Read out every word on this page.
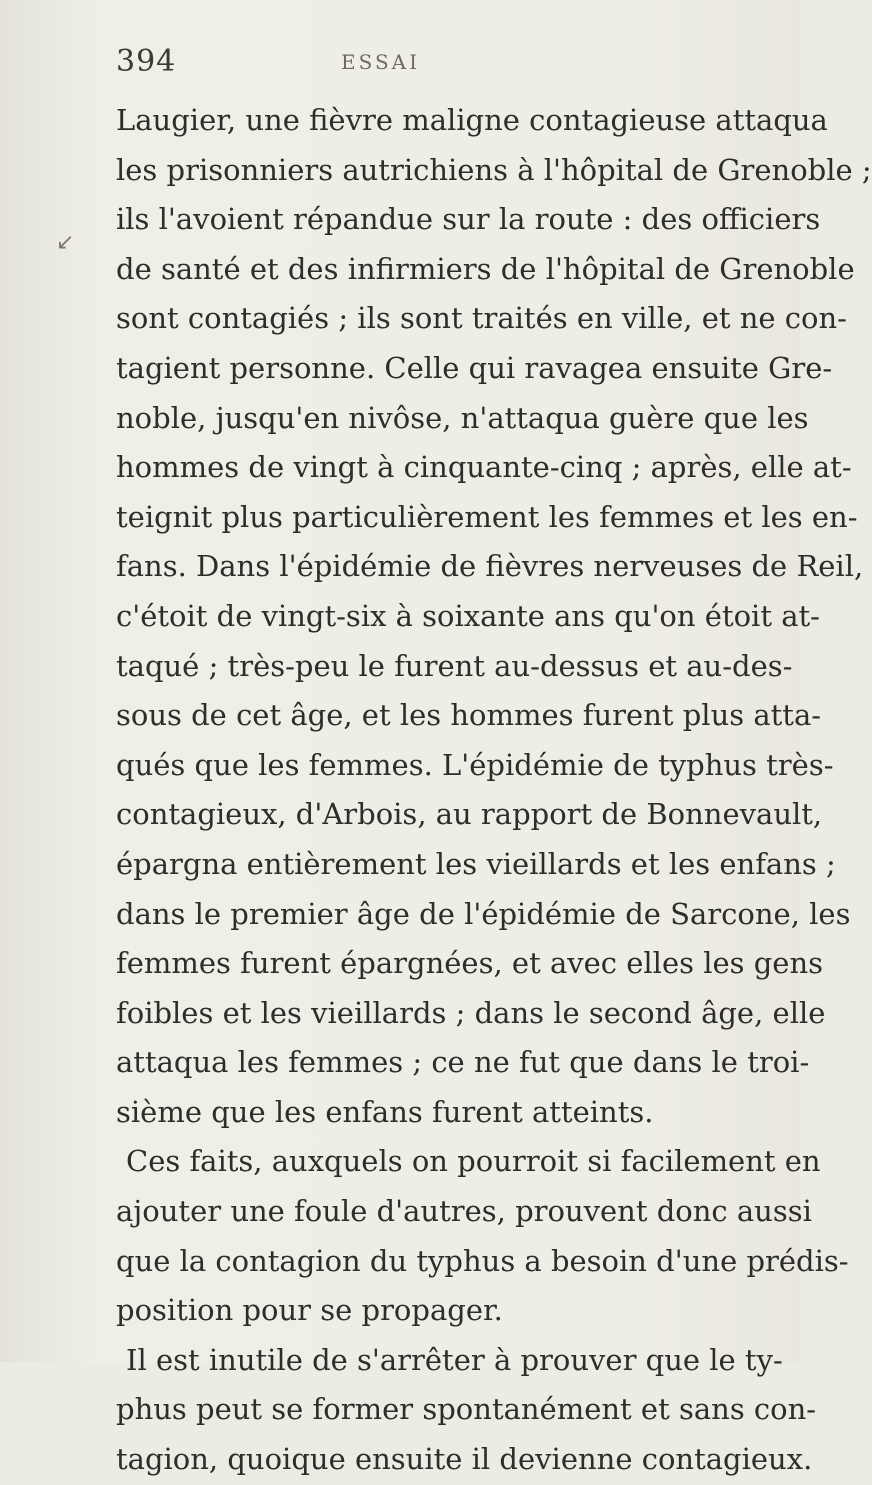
↙
394	ESSAI
Laugier, une fièvre maligne contagieuse attaqua
les prisonniers autrichiens à l'hôpital de Grenoble ;
ils l'avoient répandue sur la route : des officiers
de santé et des infirmiers de l'hôpital de Grenoble
sont contagiés ; ils sont traités en ville, et ne con-
tagient personne. Celle qui ravagea ensuite Gre-
noble, jusqu'en nivôse, n'attaqua guère que les
hommes de vingt à cinquante-cinq ; après, elle at-
teignit plus particulièrement les femmes et les en-
fans. Dans l'épidémie de fièvres nerveuses de Reil,
c'étoit de vingt-six à soixante ans qu'on étoit at-
taqué ; très-peu le furent au-dessus et au-des-
sous de cet âge, et les hommes furent plus atta-
qués que les femmes. L'épidémie de typhus très-
contagieux, d'Arbois, au rapport de Bonnevault,
épargna entièrement les vieillards et les enfans ;
dans le premier âge de l'épidémie de Sarcone, les
femmes furent épargnées, et avec elles les gens
foibles et les vieillards ; dans le second âge, elle
attaqua les femmes ; ce ne fut que dans le troi-
sième que les enfans furent atteints.
Ces faits, auxquels on pourroit si facilement en
ajouter une foule d'autres, prouvent donc aussi
que la contagion du typhus a besoin d'une prédis-
position pour se propager.
Il est inutile de s'arrêter à prouver que le ty-
phus peut se former spontanément et sans con-
tagion, quoique ensuite il devienne contagieux.
